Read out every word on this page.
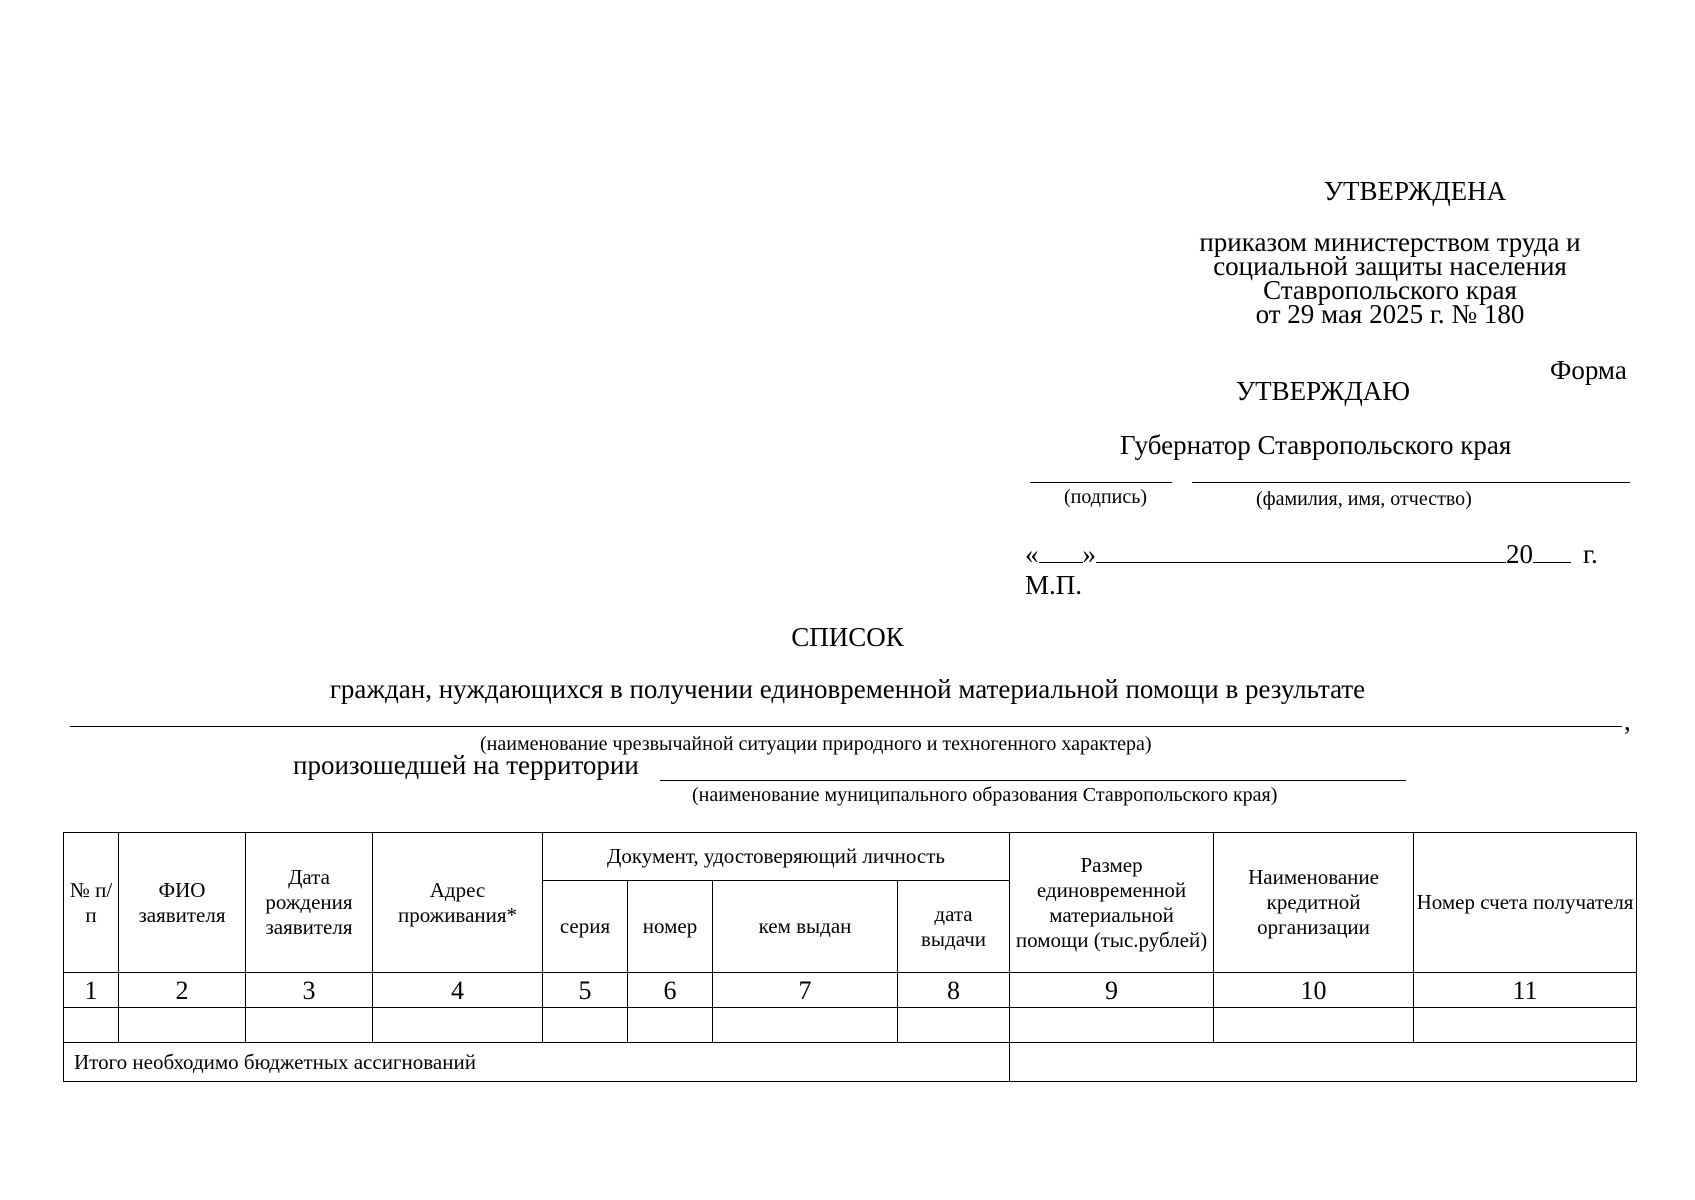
УТВЕРЖДЕНА
приказом министерством труда и
социальной защиты населения
Ставропольского края
от 29 мая 2025 г. № 180
Форма
УТВЕРЖДАЮ
Губернатор Ставропольского края
(подпись)	(фамилия, имя, отчество)
« »	20 г.
М.П.
СПИСОК
граждан, нуждающихся в получении единовременной материальной помощи в результате
,
(наименование чрезвычайной ситуации природного и техногенного характера)
произошедшей на территории
(наименование муниципального образования Ставропольского края)
№ п/п	ФИО заявителя	Дата рождения заявителя	Адрес проживания*	Документ, удостоверяющий личность				Размер единовременной материальной помощи (тыс.рублей)	Наименование кредитной организации	Номер счета получателя
				серия	номер	кем выдан	дата выдачи			
1	2	3	4	5	6	7	8	9	10	11

Итого необходимо бюджетных ассигнований										
